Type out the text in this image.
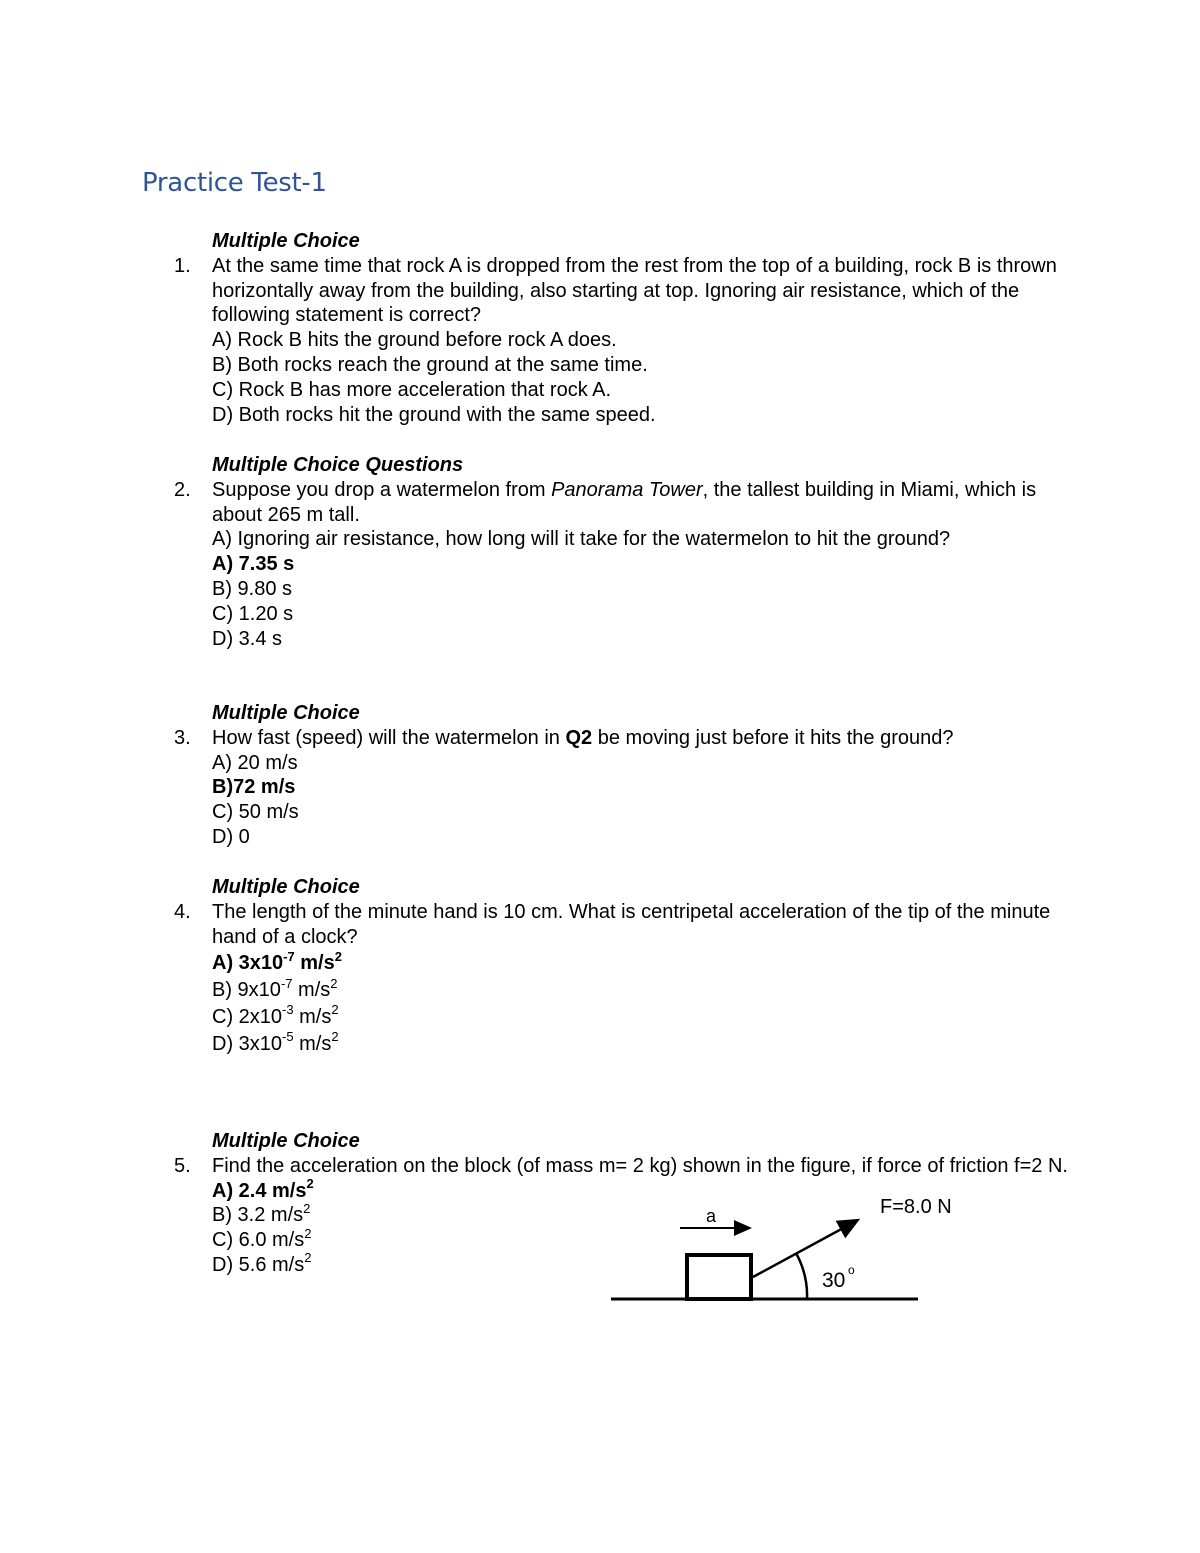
Practice Test-1
Multiple Choice
1. At the same time that rock A is dropped from the rest from the top of a building, rock B is thrown horizontally away from the building, also starting at top. Ignoring air resistance, which of the following statement is correct?
A) Rock B hits the ground before rock A does.
B) Both rocks reach the ground at the same time.
C) Rock B has more acceleration that rock A.
D) Both rocks hit the ground with the same speed.
Multiple Choice Questions
2. Suppose you drop a watermelon from Panorama Tower, the tallest building in Miami, which is about 265 m tall.
A) Ignoring air resistance, how long will it take for the watermelon to hit the ground?
A) 7.35 s
B) 9.80 s
C) 1.20 s
D) 3.4 s
Multiple Choice
3. How fast (speed) will the watermelon in Q2 be moving just before it hits the ground?
A) 20 m/s
B)72 m/s
C) 50 m/s
D) 0
Multiple Choice
4. The length of the minute hand is 10 cm. What is centripetal acceleration of the tip of the minute hand of a clock?
A) $3x10^{-7}$ $m/s^2$
B) $9x10^{-7}$ $m/s^2$
C) $2x10^{-3}$ $m/s^2$
D) $3x10^{-5}$ $m/s^2$
Multiple Choice
5. Find the acceleration on the block (of mass m= 2 kg) shown in the figure, if force of friction f=2 N.
A) 2.4 $m/s^2$
B) 3.2 $m/s^2$
C) 6.0 $m/s^2$
D) 5.6 $m/s^2$
a	F=8.0 N
30 o
